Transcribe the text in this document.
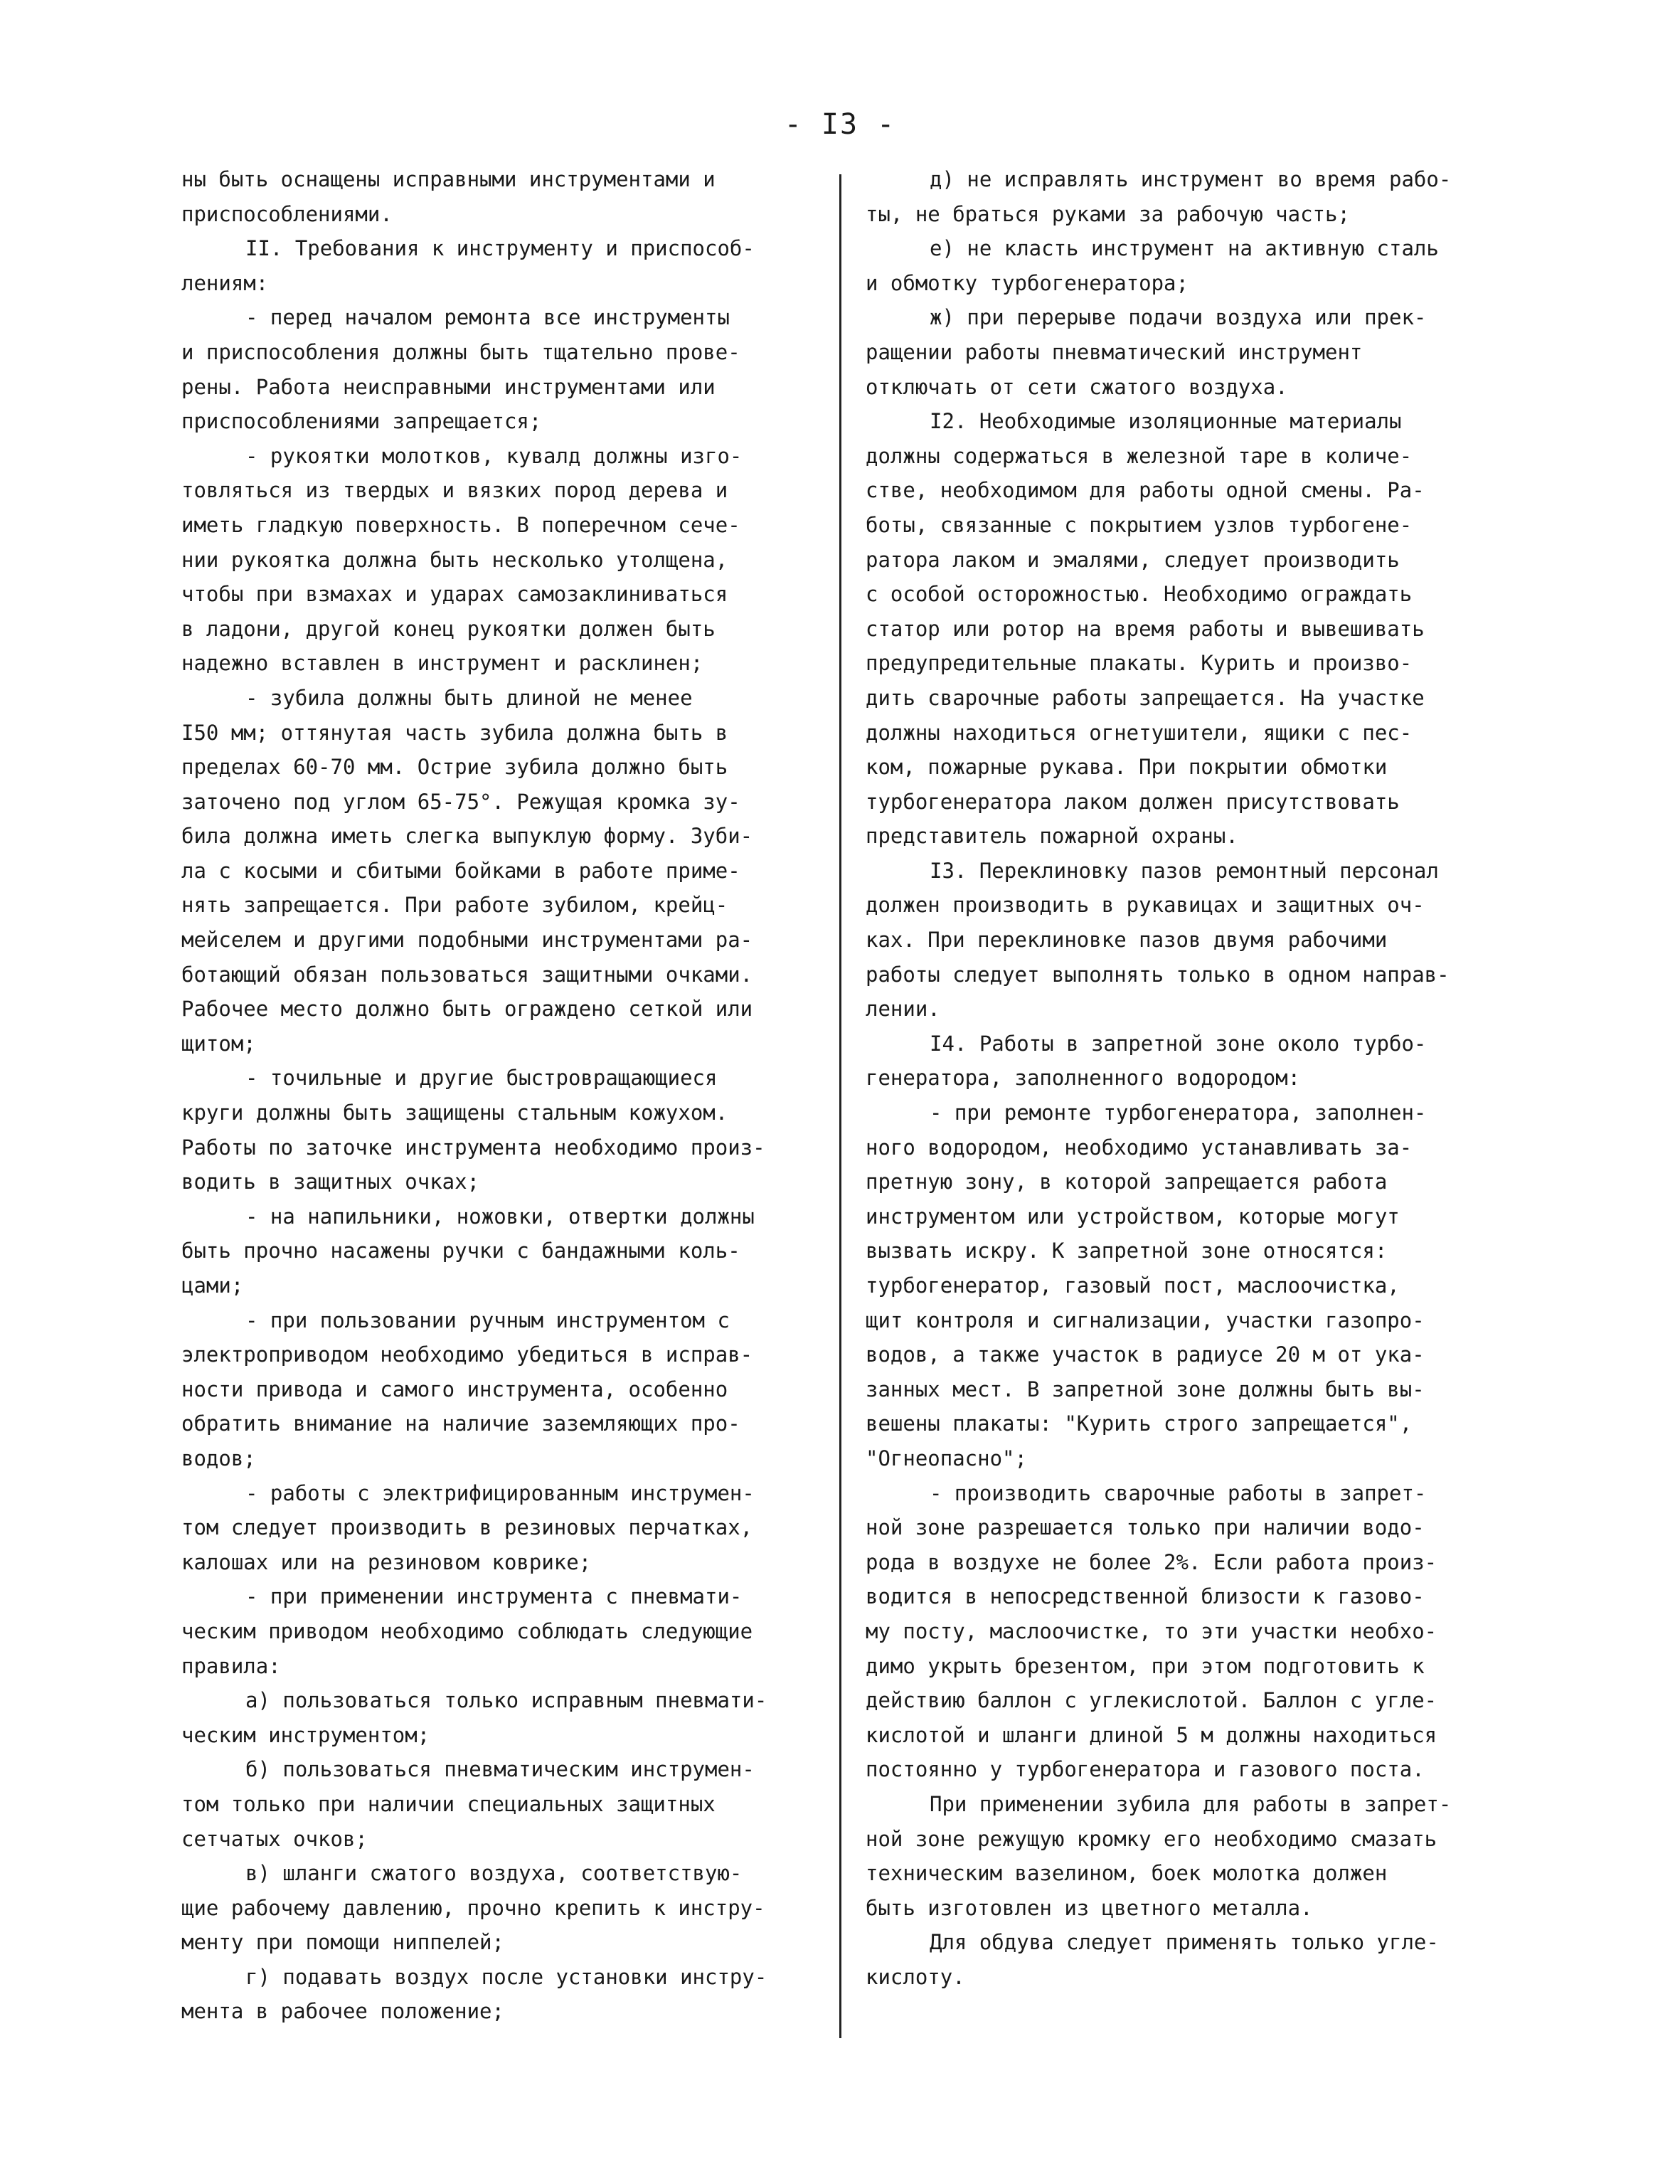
- I3 -
ны быть оснащены исправными инструментами и
приспособлениями.
II. Требования к инструменту и приспособ-
лениям:
- перед началом ремонта все инструменты
и приспособления должны быть тщательно прове-
рены. Работа неисправными инструментами или
приспособлениями запрещается;
- рукоятки молотков, кувалд должны изго-
товляться из твердых и вязких пород дерева и
иметь гладкую поверхность. В поперечном сече-
нии рукоятка должна быть несколько утолщена,
чтобы при взмахах и ударах самозаклиниваться
в ладони, другой конец рукоятки должен быть
надежно вставлен в инструмент и расклинен;
- зубила должны быть длиной не менее
I50 мм; оттянутая часть зубила должна быть в
пределах 60-70 мм. Острие зубила должно быть
заточено под углом 65-75°. Режущая кромка зу-
била должна иметь слегка выпуклую форму. Зуби-
ла с косыми и сбитыми бойками в работе приме-
нять запрещается. При работе зубилом, крейц-
мейселем и другими подобными инструментами ра-
ботающий обязан пользоваться защитными очками.
Рабочее место должно быть ограждено сеткой или
щитом;
- точильные и другие быстровращающиеся
круги должны быть защищены стальным кожухом.
Работы по заточке инструмента необходимо произ-
водить в защитных очках;
- на напильники, ножовки, отвертки должны
быть прочно насажены ручки с бандажными коль-
цами;
- при пользовании ручным инструментом с
электроприводом необходимо убедиться в исправ-
ности привода и самого инструмента, особенно
обратить внимание на наличие заземляющих про-
водов;
- работы с электрифицированным инструмен-
том следует производить в резиновых перчатках,
калошах или на резиновом коврике;
- при применении инструмента с пневмати-
ческим приводом необходимо соблюдать следующие
правила:
а) пользоваться только исправным пневмати-
ческим инструментом;
б) пользоваться пневматическим инструмен-
том только при наличии специальных защитных
сетчатых очков;
в) шланги сжатого воздуха, соответствую-
щие рабочему давлению, прочно крепить к инстру-
менту при помощи ниппелей;
г) подавать воздух после установки инстру-
мента в рабочее положение;
д) не исправлять инструмент во время рабо-
ты, не браться руками за рабочую часть;
е) не класть инструмент на активную сталь
и обмотку турбогенератора;
ж) при перерыве подачи воздуха или прек-
ращении работы пневматический инструмент
отключать от сети сжатого воздуха.
I2. Необходимые изоляционные материалы
должны содержаться в железной таре в количе-
стве, необходимом для работы одной смены. Ра-
боты, связанные с покрытием узлов турбогене-
ратора лаком и эмалями, следует производить
с особой осторожностью. Необходимо ограждать
статор или ротор на время работы и вывешивать
предупредительные плакаты. Курить и произво-
дить сварочные работы запрещается. На участке
должны находиться огнетушители, ящики с пес-
ком, пожарные рукава. При покрытии обмотки
турбогенератора лаком должен присутствовать
представитель пожарной охраны.
I3. Переклиновку пазов ремонтный персонал
должен производить в рукавицах и защитных оч-
ках. При переклиновке пазов двумя рабочими
работы следует выполнять только в одном направ-
лении.
I4. Работы в запретной зоне около турбо-
генератора, заполненного водородом:
- при ремонте турбогенератора, заполнен-
ного водородом, необходимо устанавливать за-
претную зону, в которой запрещается работа
инструментом или устройством, которые могут
вызвать искру. К запретной зоне относятся:
турбогенератор, газовый пост, маслоочистка,
щит контроля и сигнализации, участки газопро-
водов, а также участок в радиусе 20 м от ука-
занных мест. В запретной зоне должны быть вы-
вешены плакаты: "Курить строго запрещается",
"Огнеопасно";
- производить сварочные работы в запрет-
ной зоне разрешается только при наличии водо-
рода в воздухе не более 2%. Если работа произ-
водится в непосредственной близости к газово-
му посту, маслоочистке, то эти участки необхо-
димо укрыть брезентом, при этом подготовить к
действию баллон с углекислотой. Баллон с угле-
кислотой и шланги длиной 5 м должны находиться
постоянно у турбогенератора и газового поста.
При применении зубила для работы в запрет-
ной зоне режущую кромку его необходимо смазать
техническим вазелином, боек молотка должен
быть изготовлен из цветного металла.
Для обдува следует применять только угле-
кислоту.
